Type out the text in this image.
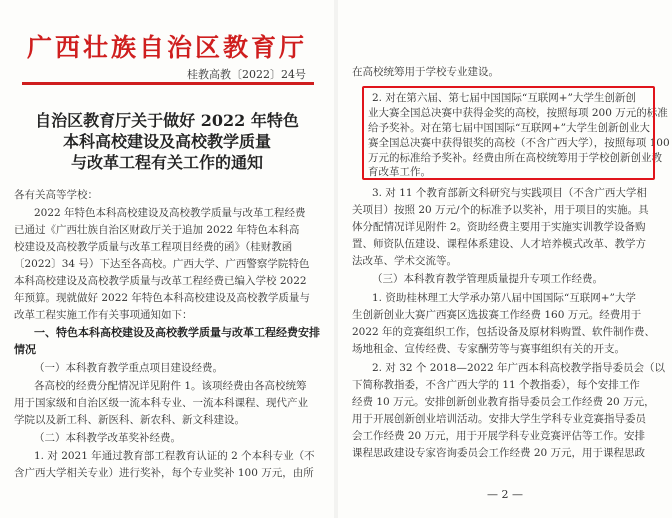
广西壮族自治区教育厅
桂教高教〔2022〕24号
自治区教育厅关于做好 2022 年特色
本科高校建设及高校教学质量
与改革工程有关工作的通知
各有关高等学校：
2022 年特色本科高校建设及高校教学质量与改革工程经费
已通过《广西壮族自治区财政厅关于追加 2022 年特色本科高
校建设及高校教学质量与改革工程项目经费的函》（桂财教函
〔2022〕34 号）下达至各高校。广西大学、广西警察学院特色
本科高校建设及高校教学质量与改革工程经费已编入学校 2022
年预算。现就做好 2022 年特色本科高校建设及高校教学质量与
改革工程实施工作有关事项通知如下：
一、特色本科高校建设及高校教学质量与改革工程经费安排
情况
（一）本科教育教学重点项目建设经费。
各高校的经费分配情况详见附件 1。该项经费由各高校统筹
用于国家级和自治区级一流本科专业、一流本科课程、现代产业
学院以及新工科、新医科、新农科、新文科建设。
（二）本科教学改革奖补经费。
1. 对 2021 年通过教育部工程教育认证的 2 个本科专业（不
含广西大学相关专业）进行奖补，每个专业奖补 100 万元，由所
在高校统筹用于学校专业建设。
2. 对在第六届、第七届中国国际“互联网+”大学生创新创
业大赛全国总决赛中获得金奖的高校，按照每项 200 万元的标准
给予奖补。对在第七届中国国际“互联网+”大学生创新创业大
赛全国总决赛中获得银奖的高校（不含广西大学），按照每项 100
万元的标准给予奖补。经费由所在高校统筹用于学校创新创业教
育改革工作。
3. 对 11 个教育部新文科研究与实践项目（不含广西大学相
关项目）按照 20 万元/个的标准予以奖补，用于项目的实施。具
体分配情况详见附件 2。资助经费主要用于实施实训教学设备购
置、师资队伍建设、课程体系建设、人才培养模式改革、教学方
法改革、学术交流等。
（三）本科教育教学管理质量提升专项工作经费。
1. 资助桂林理工大学承办第八届中国国际“互联网+”大学
生创新创业大赛广西赛区选拔赛工作经费 160 万元。经费用于
2022 年的竞赛组织工作，包括设备及原材料购置、软件制作费、
场地租金、宣传经费、专家酬劳等与赛事组织有关的开支。
2. 对 32 个 2018—2022 年广西本科高校教学指导委员会（以
下简称教指委，不含广西大学的 11 个教指委），每个安排工作
经费 10 万元。安排创新创业教育指导委员会工作经费 20 万元，
用于开展创新创业培训活动。安排大学生学科专业竞赛指导委员
会工作经费 20 万元，用于开展学科专业竞赛评估等工作。安排
课程思政建设专家咨询委员会工作经费 20 万元，用于课程思政
— 2 —
